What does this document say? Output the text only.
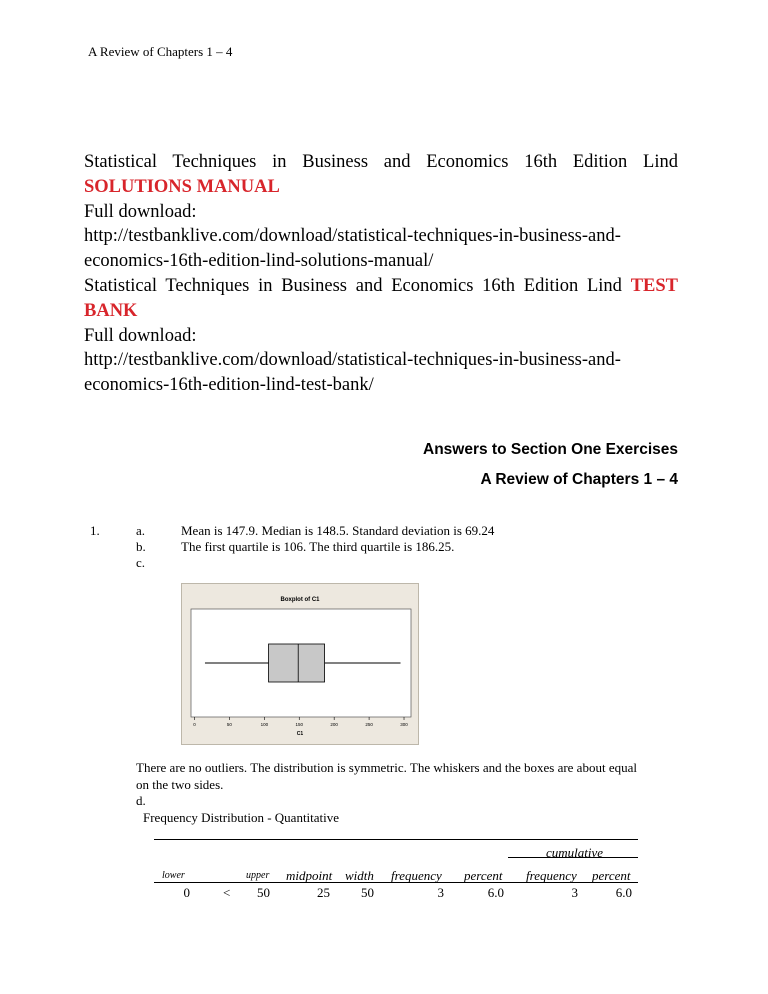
A Review of Chapters 1 – 4
Statistical Techniques in Business and Economics 16th Edition Lind
SOLUTIONS MANUAL
Full download:
http://testbanklive.com/download/statistical-techniques-in-business-and-
economics-16th-edition-lind-solutions-manual/
Statistical Techniques in Business and Economics 16th Edition Lind TEST
BANK
Full download:
http://testbanklive.com/download/statistical-techniques-in-business-and-
economics-16th-edition-lind-test-bank/
Answers to Section One Exercises
A Review of Chapters 1 – 4
1.	a.	Mean is 147.9. Median is 148.5. Standard deviation is 69.24
b.	The first quartile is 106. The third quartile is 186.25.
c.
Boxplot of C1
0	50	100	150	200	250	300
C1
There are no outliers. The distribution is symmetric. The whiskers and the boxes are about equal
on the two sides.
d.
Frequency Distribution - Quantitative
cumulative
lower	upper midpoint width frequency percent frequency percent
0	<	50	25	50	3	6.0	3	6.0
